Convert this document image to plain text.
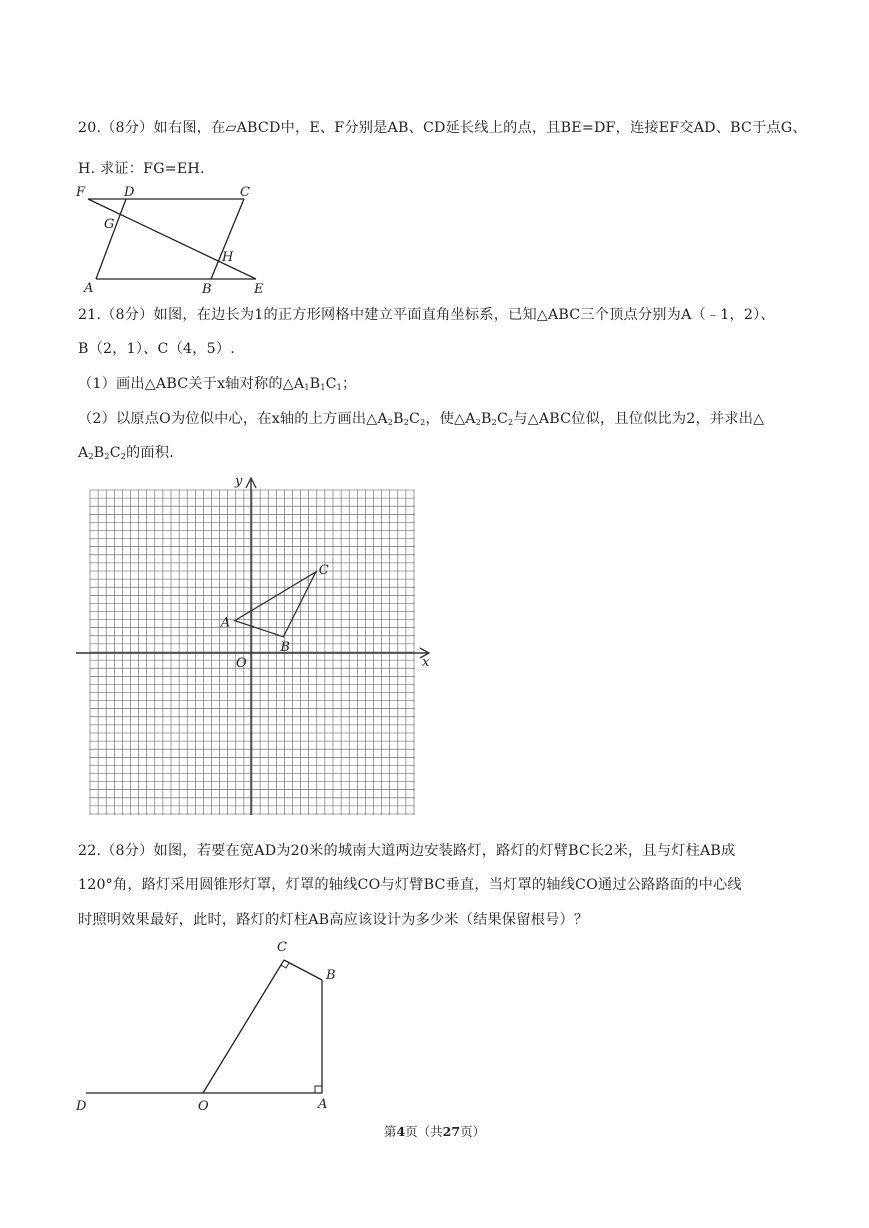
20.（8分）如右图，在▱ABCD中，E、F分别是AB、CD延长线上的点，且BE=DF，连接EF交AD、BC于点G、
H. 求证：FG=EH.
F	D	C
G
H
A	B	E
21.（8分）如图，在边长为1的正方形网格中建立平面直角坐标系，已知△ABC三个顶点分别为A（﹣1，2）、
B（2，1）、C（4，5）.
（1）画出△ABC关于x轴对称的$\triangle A_1B_1C_1$；
（2）以原点O为位似中心，在x轴的上方画出$\triangle A_2B_2C_2$，使$\triangle A_2B_2C_2$与△ABC位似，且位似比为2，并求出△
$A_2B_2C_2$的面积.
y
x
O
A
B
C
22.（8分）如图，若要在宽AD为20米的城南大道两边安装路灯，路灯的灯臂BC长2米，且与灯柱AB成
120°角，路灯采用圆锥形灯罩，灯罩的轴线CO与灯臂BC垂直，当灯罩的轴线CO通过公路路面的中心线
时照明效果最好，此时，路灯的灯柱AB高应该设计为多少米（结果保留根号）？
C
B
D	O	A
第4页（共27页）
